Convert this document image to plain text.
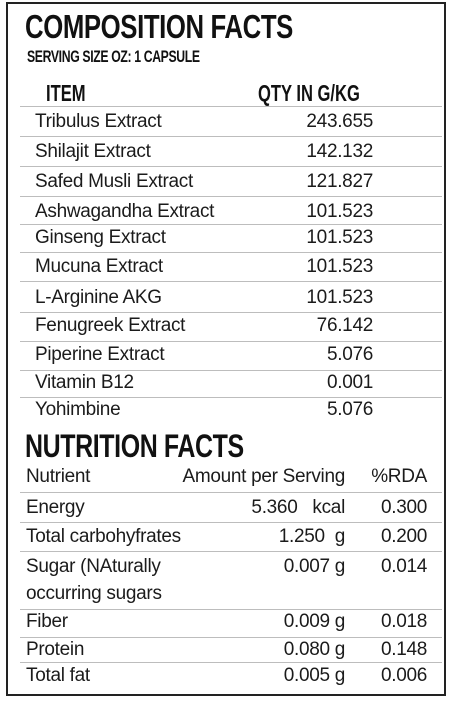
COMPOSITION FACTS
SERVING SIZE OZ: 1 CAPSULE
ITEM	QTY IN G/KG
Tribulus Extract	243.655
Shilajit Extract	142.132
Safed Musli Extract	121.827
Ashwagandha Extract	101.523
Ginseng Extract	101.523
Mucuna Extract	101.523
L-Arginine AKG	101.523
Fenugreek Extract	76.142
Piperine Extract	5.076
Vitamin B12	0.001
Yohimbine	5.076
NUTRITION FACTS
Nutrient	Amount per Serving %RDA
Energy	5.360   kcal 0.300
Total carbohyfrates	1.250  g 0.200
Sugar (NAturally	0.007 g 0.014
occurring sugars
Fiber	0.009 g 0.018
Protein	0.080 g 0.148
Total fat	0.005 g 0.006
